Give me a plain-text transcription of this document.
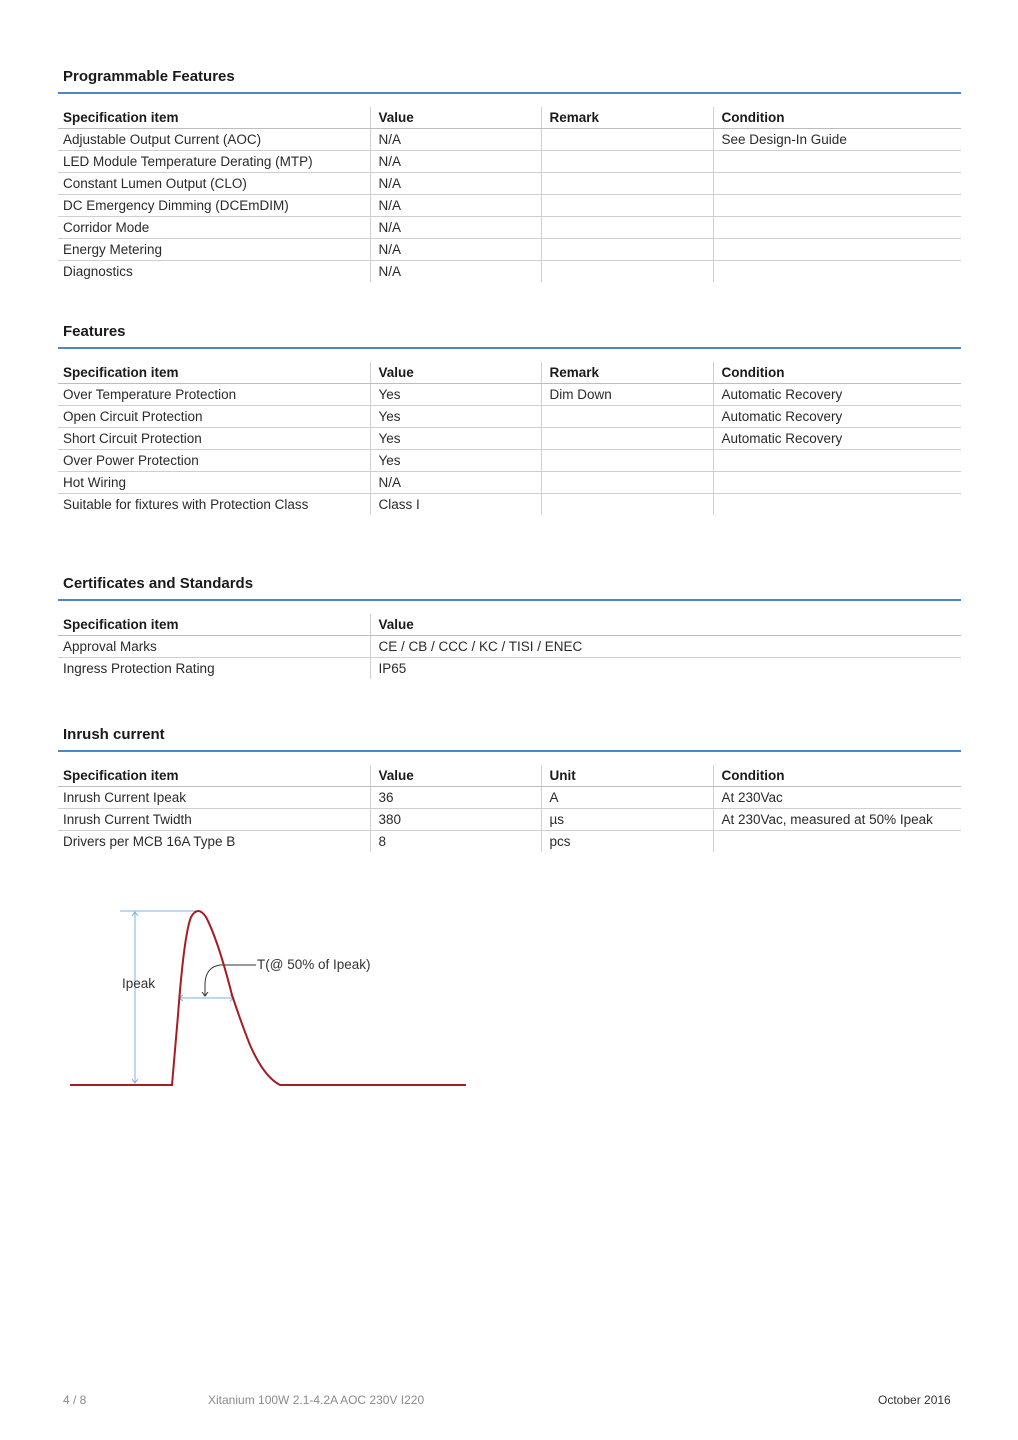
Programmable Features
Specification item	Value	Remark	Condition
Adjustable Output Current (AOC)	N/A		See Design-In Guide
LED Module Temperature Derating (MTP)	N/A		
Constant Lumen Output (CLO)	N/A		
DC Emergency Dimming (DCEmDIM)	N/A		
Corridor Mode	N/A		
Energy Metering	N/A		
Diagnostics	N/A		
Features
Specification item	Value	Remark	Condition
Over Temperature Protection	Yes	Dim Down	Automatic Recovery
Open Circuit Protection	Yes		Automatic Recovery
Short Circuit Protection	Yes		Automatic Recovery
Over Power Protection	Yes		
Hot Wiring	N/A		
Suitable for fixtures with Protection Class	Class I		
Certificates and Standards
Specification item	Value
Approval Marks	CE / CB / CCC / KC / TISI / ENEC
Ingress Protection Rating	IP65
Inrush current
Specification item	Value	Unit	Condition
Inrush Current Ipeak	36	A	At 230Vac
Inrush Current Twidth	380	µs	At 230Vac, measured at 50% Ipeak
Drivers per MCB 16A Type B	8	pcs	
Ipeak
T(@ 50% of Ipeak)
4 / 8	Xitanium 100W 2.1-4.2A AOC 230V I220	October 2016
